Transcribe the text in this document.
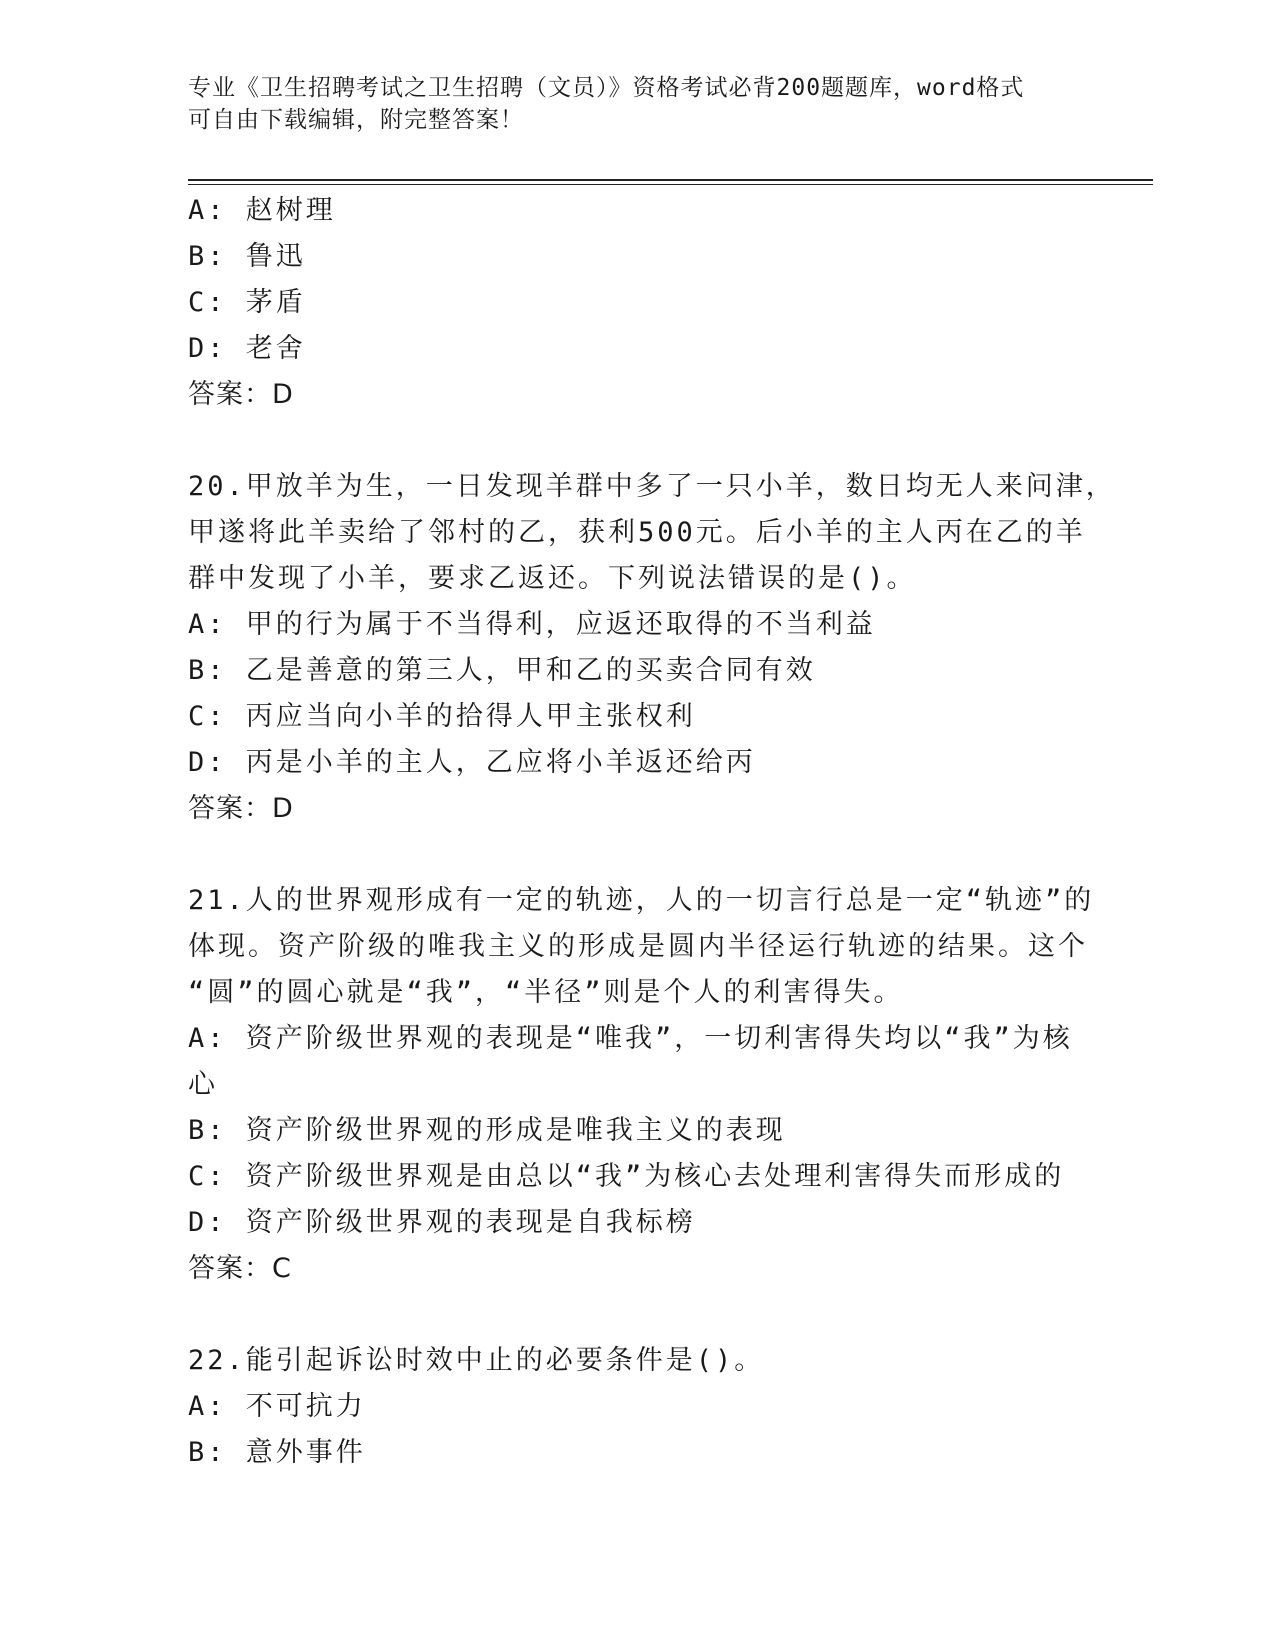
专业《卫生招聘考试之卫生招聘（文员）》资格考试必背200题题库，word格式
可自由下载编辑，附完整答案！
A: 赵树理
B: 鲁迅
C: 茅盾
D: 老舍
答案：D
20.甲放羊为生，一日发现羊群中多了一只小羊，数日均无人来问津，
甲遂将此羊卖给了邻村的乙，获利500元。后小羊的主人丙在乙的羊
群中发现了小羊，要求乙返还。下列说法错误的是()。
A: 甲的行为属于不当得利，应返还取得的不当利益
B: 乙是善意的第三人，甲和乙的买卖合同有效
C: 丙应当向小羊的拾得人甲主张权利
D: 丙是小羊的主人，乙应将小羊返还给丙
答案：D
21.人的世界观形成有一定的轨迹，人的一切言行总是一定“轨迹”的
体现。资产阶级的唯我主义的形成是圆内半径运行轨迹的结果。这个
“圆”的圆心就是“我”，“半径”则是个人的利害得失。
A: 资产阶级世界观的表现是“唯我”，一切利害得失均以“我”为核
心
B: 资产阶级世界观的形成是唯我主义的表现
C: 资产阶级世界观是由总以“我”为核心去处理利害得失而形成的
D: 资产阶级世界观的表现是自我标榜
答案：C
22.能引起诉讼时效中止的必要条件是()。
A: 不可抗力
B: 意外事件
